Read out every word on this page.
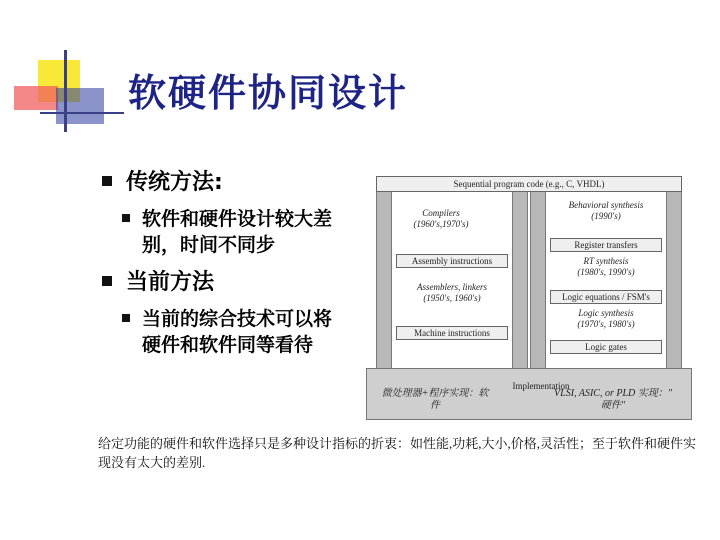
软硬件协同设计
传统方法:
软件和硬件设计较大差别，时间不同步
当前方法
当前的综合技术可以将硬件和软件同等看待
Sequential program code (e.g., C, VHDL)
Compilers
(1960's,1970's)
Assembly instructions
Assemblers, linkers
(1950's, 1960's)
Machine instructions
Behavioral synthesis
(1990's)
Register transfers
RT synthesis
(1980's, 1990's)
Logic equations / FSM's
Logic synthesis
(1970's, 1980's)
Logic gates
Implementation
微处理器+程序实现：软
件
VLSI, ASIC, or PLD 实现："
硬件"
给定功能的硬件和软件选择只是多种设计指标的折衷：如性能,功耗,大小,价格,灵活性；至于软件和硬件实现没有太大的差别.
